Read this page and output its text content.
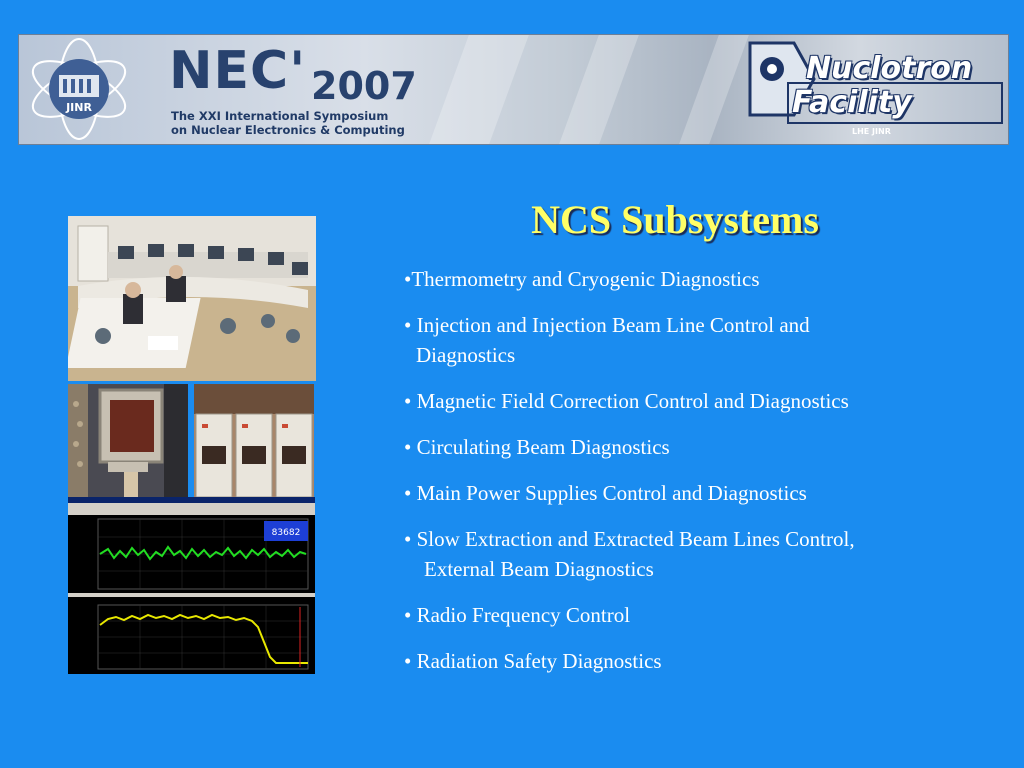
JINR
NEC' 2007
The XXI International Symposium
on Nuclear Electronics & Computing
Nuclotron
Facility
LHE JINR
83682
NCS Subsystems
•Thermometry and Cryogenic Diagnostics
• Injection and Injection Beam Line Control and
Diagnostics
• Magnetic Field Correction Control and Diagnostics
• Circulating Beam Diagnostics
• Main Power Supplies Control and Diagnostics
• Slow Extraction and Extracted Beam Lines Control,
External Beam Diagnostics
• Radio Frequency Control
• Radiation Safety Diagnostics
